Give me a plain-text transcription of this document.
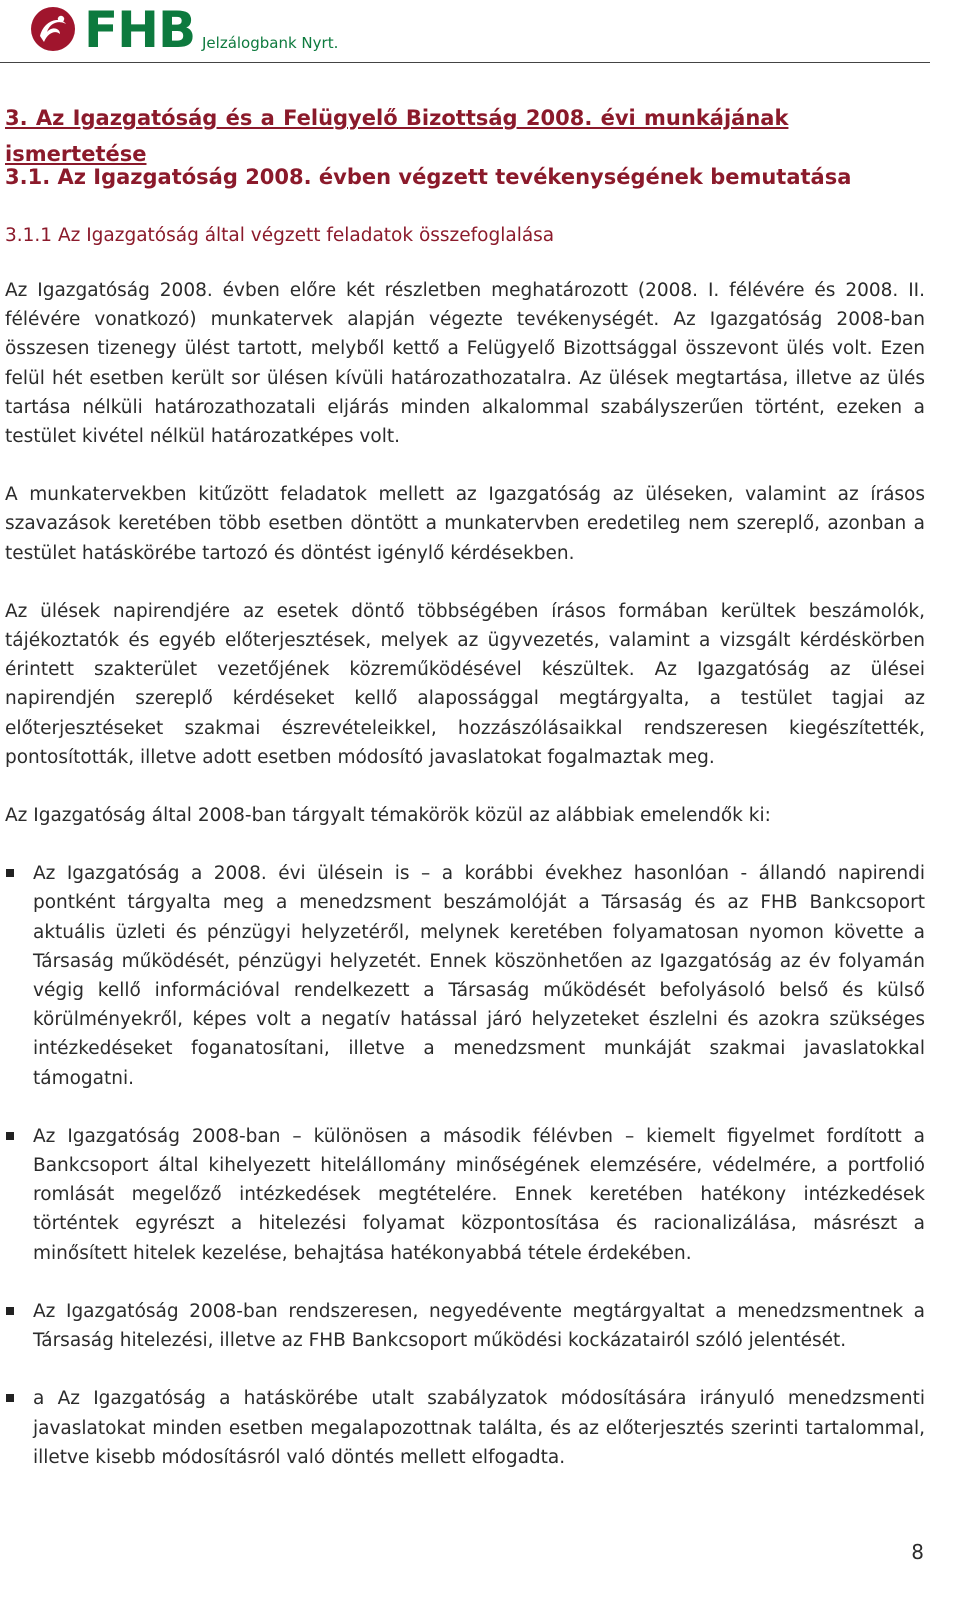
FHB Jelzálogbank Nyrt.
3. Az Igazgatóság és a Felügyelő Bizottság 2008. évi munkájának ismertetése
3.1. Az Igazgatóság 2008. évben végzett tevékenységének bemutatása
3.1.1 Az Igazgatóság által végzett feladatok összefoglalása

Az Igazgatóság 2008. évben előre két részletben meghatározott (2008. I. félévére és 2008. II. félévére vonatkozó) munkatervek alapján végezte tevékenységét. Az Igazgatóság 2008-ban összesen tizenegy ülést tartott, melyből kettő a Felügyelő Bizottsággal összevont ülés volt. Ezen felül hét esetben került sor ülésen kívüli határozathozatalra. Az ülések megtartása, illetve az ülés tartása nélküli határozathozatali eljárás minden alkalommal szabályszerűen történt, ezeken a testület kivétel nélkül határozatképes volt.

A munkatervekben kitűzött feladatok mellett az Igazgatóság az üléseken, valamint az írásos szavazások keretében több esetben döntött a munkatervben eredetileg nem szereplő, azonban a testület hatáskörébe tartozó és döntést igénylő kérdésekben.

Az ülések napirendjére az esetek döntő többségében írásos formában kerültek beszámolók, tájékoztatók és egyéb előterjesztések, melyek az ügyvezetés, valamint a vizsgált kérdéskörben érintett szakterület vezetőjének közreműködésével készültek. Az Igazgatóság az ülései napirendjén szereplő kérdéseket kellő alapossággal megtárgyalta, a testület tagjai az előterjesztéseket szakmai észrevételeikkel, hozzászólásaikkal rendszeresen kiegészítették, pontosították, illetve adott esetben módosító javaslatokat fogalmaztak meg.

Az Igazgatóság által 2008-ban tárgyalt témakörök közül az alábbiak emelendők ki:

Az Igazgatóság a 2008. évi ülésein is – a korábbi évekhez hasonlóan - állandó napirendi pontként tárgyalta meg a menedzsment beszámolóját a Társaság és az FHB Bankcsoport aktuális üzleti és pénzügyi helyzetéről, melynek keretében folyamatosan nyomon követte a Társaság működését, pénzügyi helyzetét. Ennek köszönhetően az Igazgatóság az év folyamán végig kellő információval rendelkezett a Társaság működését befolyásoló belső és külső körülményekről, képes volt a negatív hatással járó helyzeteket észlelni és azokra szükséges intézkedéseket foganatosítani, illetve a menedzsment munkáját szakmai javaslatokkal támogatni.
Az Igazgatóság 2008-ban – különösen a második félévben – kiemelt figyelmet fordított a Bankcsoport által kihelyezett hitelállomány minőségének elemzésére, védelmére, a portfolió romlását megelőző intézkedések megtételére. Ennek keretében hatékony intézkedések történtek egyrészt a hitelezési folyamat központosítása és racionalizálása, másrészt a minősített hitelek kezelése, behajtása hatékonyabbá tétele érdekében.
Az Igazgatóság 2008-ban rendszeresen, negyedévente megtárgyaltat a menedzsmentnek a Társaság hitelezési, illetve az FHB Bankcsoport működési kockázatairól szóló jelentését.
a Az Igazgatóság a hatáskörébe utalt szabályzatok módosítására irányuló menedzsmenti javaslatokat minden esetben megalapozottnak találta, és az előterjesztés szerinti tartalommal, illetve kisebb módosításról való döntés mellett elfogadta.
8
